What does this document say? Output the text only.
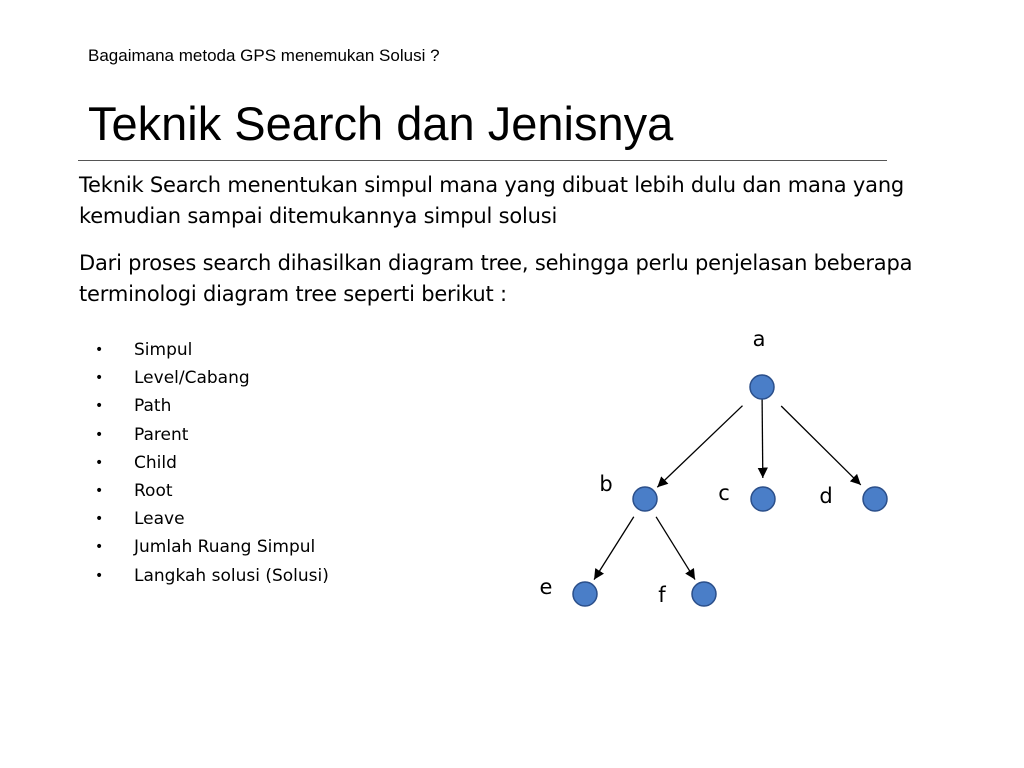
Bagaimana metoda GPS menemukan Solusi ?
Teknik Search dan Jenisnya

Teknik Search menentukan simpul mana yang dibuat lebih dulu dan mana yang kemudian sampai ditemukannya simpul solusi

Dari proses search dihasilkan diagram tree, sehingga perlu penjelasan beberapa terminologi diagram tree seperti berikut :

• Simpul
• Level/Cabang
• Path
• Parent
• Child
• Root
• Leave
• Jumlah Ruang Simpul
• Langkah solusi (Solusi)
a
b	c	d
e	f
